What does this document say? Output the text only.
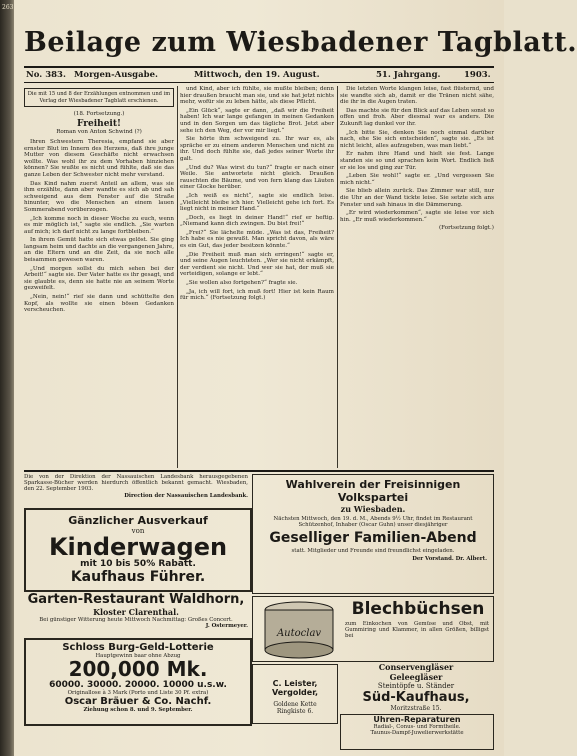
263
Beilage zum Wiesbadener Tagblatt.
No. 383. Morgen-Ausgabe.	Mittwoch, den 19. August.	51. Jahrgang.	1903.
Die mit 15 und 8 der Erzählungen entnommen und im Verlag der Wiesbadener Tagblatt erschienen.
(18. Fortsetzung.)

Freiheit!

Roman von Anton Schwind (?)

Ihren Schwestern Theresia, empfand sie aber ernster Blut im Innern des Herzens, daß ihre junge Mutter von diesem Geschäfte nicht erwachsen wollte. Was wohl ihr zu dem Vorhaben hinziehen können? Sie wußte es nicht und fühlte, daß sie das ganze Leben der Schwester nicht mehr verstand.

Das Kind nahm zuerst Anteil an allem, was sie ihm erzählte, dann aber wandte es sich ab und sah schweigend aus dem Fenster auf die Straße hinunter, wo die Menschen an einem lauen Sommerabend vorüberzogen.

„Ich komme noch in dieser Woche zu euch, wenn es mir möglich ist,“ sagte sie endlich. „Sie warten auf mich; ich darf nicht zu lange fortbleiben.“

In ihrem Gemüt hatte sich etwas gelöst. Sie ging langsam heim und dachte an die vergangenen Jahre, an die Eltern und an die Zeit, da sie noch alle beisammen gewesen waren.

„Und morgen sollst du mich sehen bei der Arbeit!“ sagte sie. Der Vater hatte es ihr gesagt, und sie glaubte es, denn sie hatte nie an seinem Worte gezweifelt.

„Nein, nein!“ rief sie dann und schüttelte den Kopf, als wollte sie einen bösen Gedanken verscheuchen.

und Kind, aber ich fühlte, sie mußte bleiben; denn hier draußen braucht man sie, und sie hat jetzt nichts mehr, wofür sie zu leben hätte, als diese Pflicht.

„Ein Glück“, sagte er dann, „daß wir die Freiheit haben! Ich war lange gefangen in meinen Gedanken und in den Sorgen um das tägliche Brot. Jetzt aber sehe ich den Weg, der vor mir liegt.“

Sie hörte ihm schweigend zu. Ihr war es, als spräche er zu einem anderen Menschen und nicht zu ihr. Und doch fühlte sie, daß jedes seiner Worte ihr galt.

„Und du? Was wirst du tun?“ fragte er nach einer Weile. Sie antwortete nicht gleich. Draußen rauschten die Bäume, und von fern klang das Läuten einer Glocke herüber.

„Ich weiß es nicht“, sagte sie endlich leise. „Vielleicht bleibe ich hier. Vielleicht gehe ich fort. Es liegt nicht in meiner Hand.“

„Doch, es liegt in deiner Hand!“ rief er heftig. „Niemand kann dich zwingen. Du bist frei!“

„Frei?“ Sie lächelte müde. „Was ist das, Freiheit? Ich habe es nie gewußt. Man spricht davon, als wäre es ein Gut, das jeder besitzen könnte.“

„Die Freiheit muß man sich erringen!“ sagte er, und seine Augen leuchteten. „Wer sie nicht erkämpft, der verdient sie nicht. Und wer sie hat, der muß sie verteidigen, solange er lebt.“

„Sie wollen also fortgehen?“ fragte sie.

„Ja, ich will fort, ich muß fort! Hier ist kein Raum für mich.“ (Fortsetzung folgt.)

Die letzten Worte klangen leise, fast flüsternd, und sie wandte sich ab, damit er die Tränen nicht sähe, die ihr in die Augen traten.

Das machte sie für den Blick auf das Leben sonst so offen und froh. Aber diesmal war es anders. Die Zukunft lag dunkel vor ihr.

„Ich bitte Sie, denken Sie noch einmal darüber nach, ehe Sie sich entscheiden“, sagte sie. „Es ist nicht leicht, alles aufzugeben, was man liebt.“

Er nahm ihre Hand und hielt sie fest. Lange standen sie so und sprachen kein Wort. Endlich ließ er sie los und ging zur Tür.

„Leben Sie wohl!“ sagte er. „Und vergessen Sie mich nicht.“

Sie blieb allein zurück. Das Zimmer war still, nur die Uhr an der Wand tickte leise. Sie setzte sich ans Fenster und sah hinaus in die Dämmerung.

„Er wird wiederkommen“, sagte sie leise vor sich hin. „Er muß wiederkommen.“

(Fortsetzung folgt.)
Die von der Direktion der Nassauischen Landesbank herausgegebenen Sparkasse-Bücher werden hierdurch öffentlich bekannt gemacht. Wiesbaden, den 22. September 1903.
Direction der Nassauischen Landesbank.
Wahlverein der Freisinnigen Volkspartei
zu Wiesbaden.
Nächsten Mittwoch, den 19. d. M., Abends 9½ Uhr, findet im Restaurant Schützenhof, Inhaber (Oscar Guhn) unser diesjähriger
Geselliger Familien-Abend
statt. Mitglieder und Freunde sind freundlichst eingeladen.
Der Vorstand. Dr. Albert.
Gänzlicher Ausverkauf
von
Kinderwagen
mit 10 bis 50% Rabatt.
Kaufhaus Führer.
Garten-Restaurant Waldhorn,
Kloster Clarenthal.
Bei günstiger Witterung heute Mittwoch Nachmittag: Großes Concert.
J. Ostermeyer.
Schloss Burg-Geld-Lotterie
Hauptgewinn baar ohne Abzug
200,000 Mk.
60000. 30000. 20000. 10000 u.s.w.
Originallose à 3 Mark (Porto und Liste 30 Pf. extra)
Oscar Bräuer & Co. Nachf.
Ziehung schon 8. und 9. September.
Autoclav
Blechbüchsen
zum Einkochen von Gemüse und Obst, mit Gummiring und Klammer, in allen Größen, billigst bei
Conservengläser
Geleegläser
Steintöpfe u. Ständer
Süd-Kaufhaus,
Moritzstraße 15.
C. Leister, Vergolder,
Goldene Kette
Ringkiste 6.
Uhren-Reparaturen
Radial-, Conus- und Formtheile.
Taunus-Dampf-Juwelierwerkstätte
